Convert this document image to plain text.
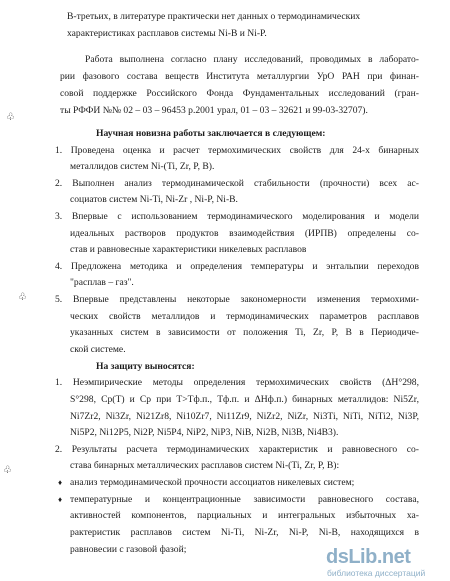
В-третьих, в литературе практически нет данных о термодинамических
характеристиках расплавов системы Ni-B и Ni-P.
Работа выполнена согласно плану исследований, проводимых в лаборато-
рии фазового состава веществ Института металлургии УрО РАН при финан-
совой поддержке Российского Фонда Фундаментальных исследований (гран-
ты РФФИ №№ 02 – 03 – 96453 р.2001 урал, 01 – 03 – 32621 и 99-03-32707).
♧
Научная новизна работы заключается в следующем:
1. Проведена оценка и расчет термохимических свойств для 24-х бинарных
металлидов систем Ni-(Ti, Zr, P, B).
2. Выполнен анализ термодинамической стабильности (прочности) всех ас-
социатов систем Ni-Ti, Ni-Zr , Ni-P, Ni-B.
3. Впервые с использованием термодинамического моделирования и модели
идеальных растворов продуктов взаимодействия (ИРПВ) определены со-
став и равновесные характеристики никелевых расплавов
4. Предложена методика и определения температуры и энтальпии переходов
"расплав – газ".
♧	5. Впервые представлены некоторые закономерности изменения термохими-
ческих свойств металлидов и термодинамических параметров расплавов
указанных систем в зависимости от положения Ti, Zr, P, B в Периодиче-
ской системе.
На защиту выносятся:
1. Неэмпирические методы определения термохимических свойств (ΔH°298,
S°298, Cp(T) и Cp при T>Tф.п., Tф.п. и ΔHф.п.) бинарных металлидов: Ni5Zr,
Ni7Zr2, Ni3Zr, Ni21Zr8, Ni10Zr7, Ni11Zr9, NiZr2, NiZr, Ni3Ti, NiTi, NiTi2, Ni3P,
Ni5P2, Ni12P5, Ni2P, Ni5P4, NiP2, NiP3, NiB, Ni2B, Ni3B, Ni4B3).
2. Результаты расчета термодинамических характеристик и равновесного со-
става бинарных металлических расплавов систем Ni-(Ti, Zr, P, B):
♧
♦ анализ термодинамической прочности ассоциатов никелевых систем;
♦ температурные и концентрационные зависимости равновесного состава,
активностей компонентов, парциальных и интегральных избыточных ха-
рактеристик расплавов систем Ni-Ti, Ni-Zr, Ni-P, Ni-B, находящихся в
равновесии с газовой фазой;	dsLib.net
библиотека диссертаций
